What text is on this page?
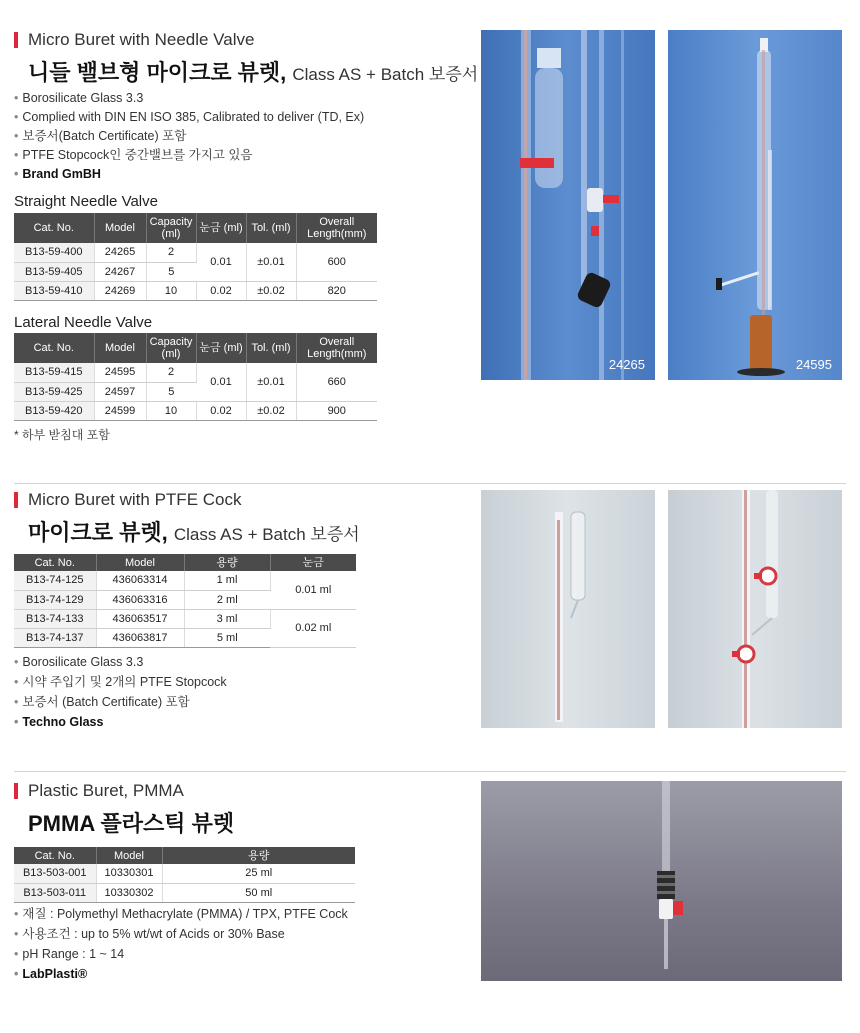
Micro Buret with Needle Valve
니들 밸브형 마이크로 뷰렛, Class AS + Batch 보증서
• Borosilicate Glass 3.3
• Complied with DIN EN ISO 385, Calibrated to deliver (TD, Ex)
• 보증서(Batch Certificate) 포함
• PTFE Stopcock인 중간밸브를 가지고 있음
• Brand GmBH
Straight Needle Valve
Cat. No.	Model	Capacity (ml)	눈금 (ml)	Tol. (ml)	Overall Length(mm)
B13-59-400	24265	2	0.01	±0.01	600
B13-59-405	24267	5			
B13-59-410	24269	10	0.02	±0.02	820
Lateral Needle Valve
Cat. No.	Model	Capacity (ml)	눈금 (ml)	Tol. (ml)	Overall Length(mm)
B13-59-415	24595	2	0.01	±0.01	660
B13-59-425	24597	5			
B13-59-420	24599	10	0.02	±0.02	900
* 하부 받침대 포함
24265	24595
Micro Buret with PTFE Cock
마이크로 뷰렛, Class AS + Batch 보증서
Cat. No.	Model	용량	눈금
B13-74-125	436063314	1 ml	0.01 ml
B13-74-129	436063316	2 ml	
B13-74-133	436063517	3 ml	0.02 ml
B13-74-137	436063817	5 ml	
• Borosilicate Glass 3.3
• 시약 주입기 및 2개의 PTFE Stopcock
• 보증서 (Batch Certificate) 포함
• Techno Glass
Plastic Buret, PMMA
PMMA 플라스틱 뷰렛
Cat. No.	Model	용량
B13-503-001	10330301	25 ml
B13-503-011	10330302	50 ml
• 재질 : Polymethyl Methacrylate (PMMA) / TPX, PTFE Cock
• 사용조건 : up to 5% wt/wt of Acids or 30% Base
• pH Range : 1 ~ 14
• LabPlasti®
